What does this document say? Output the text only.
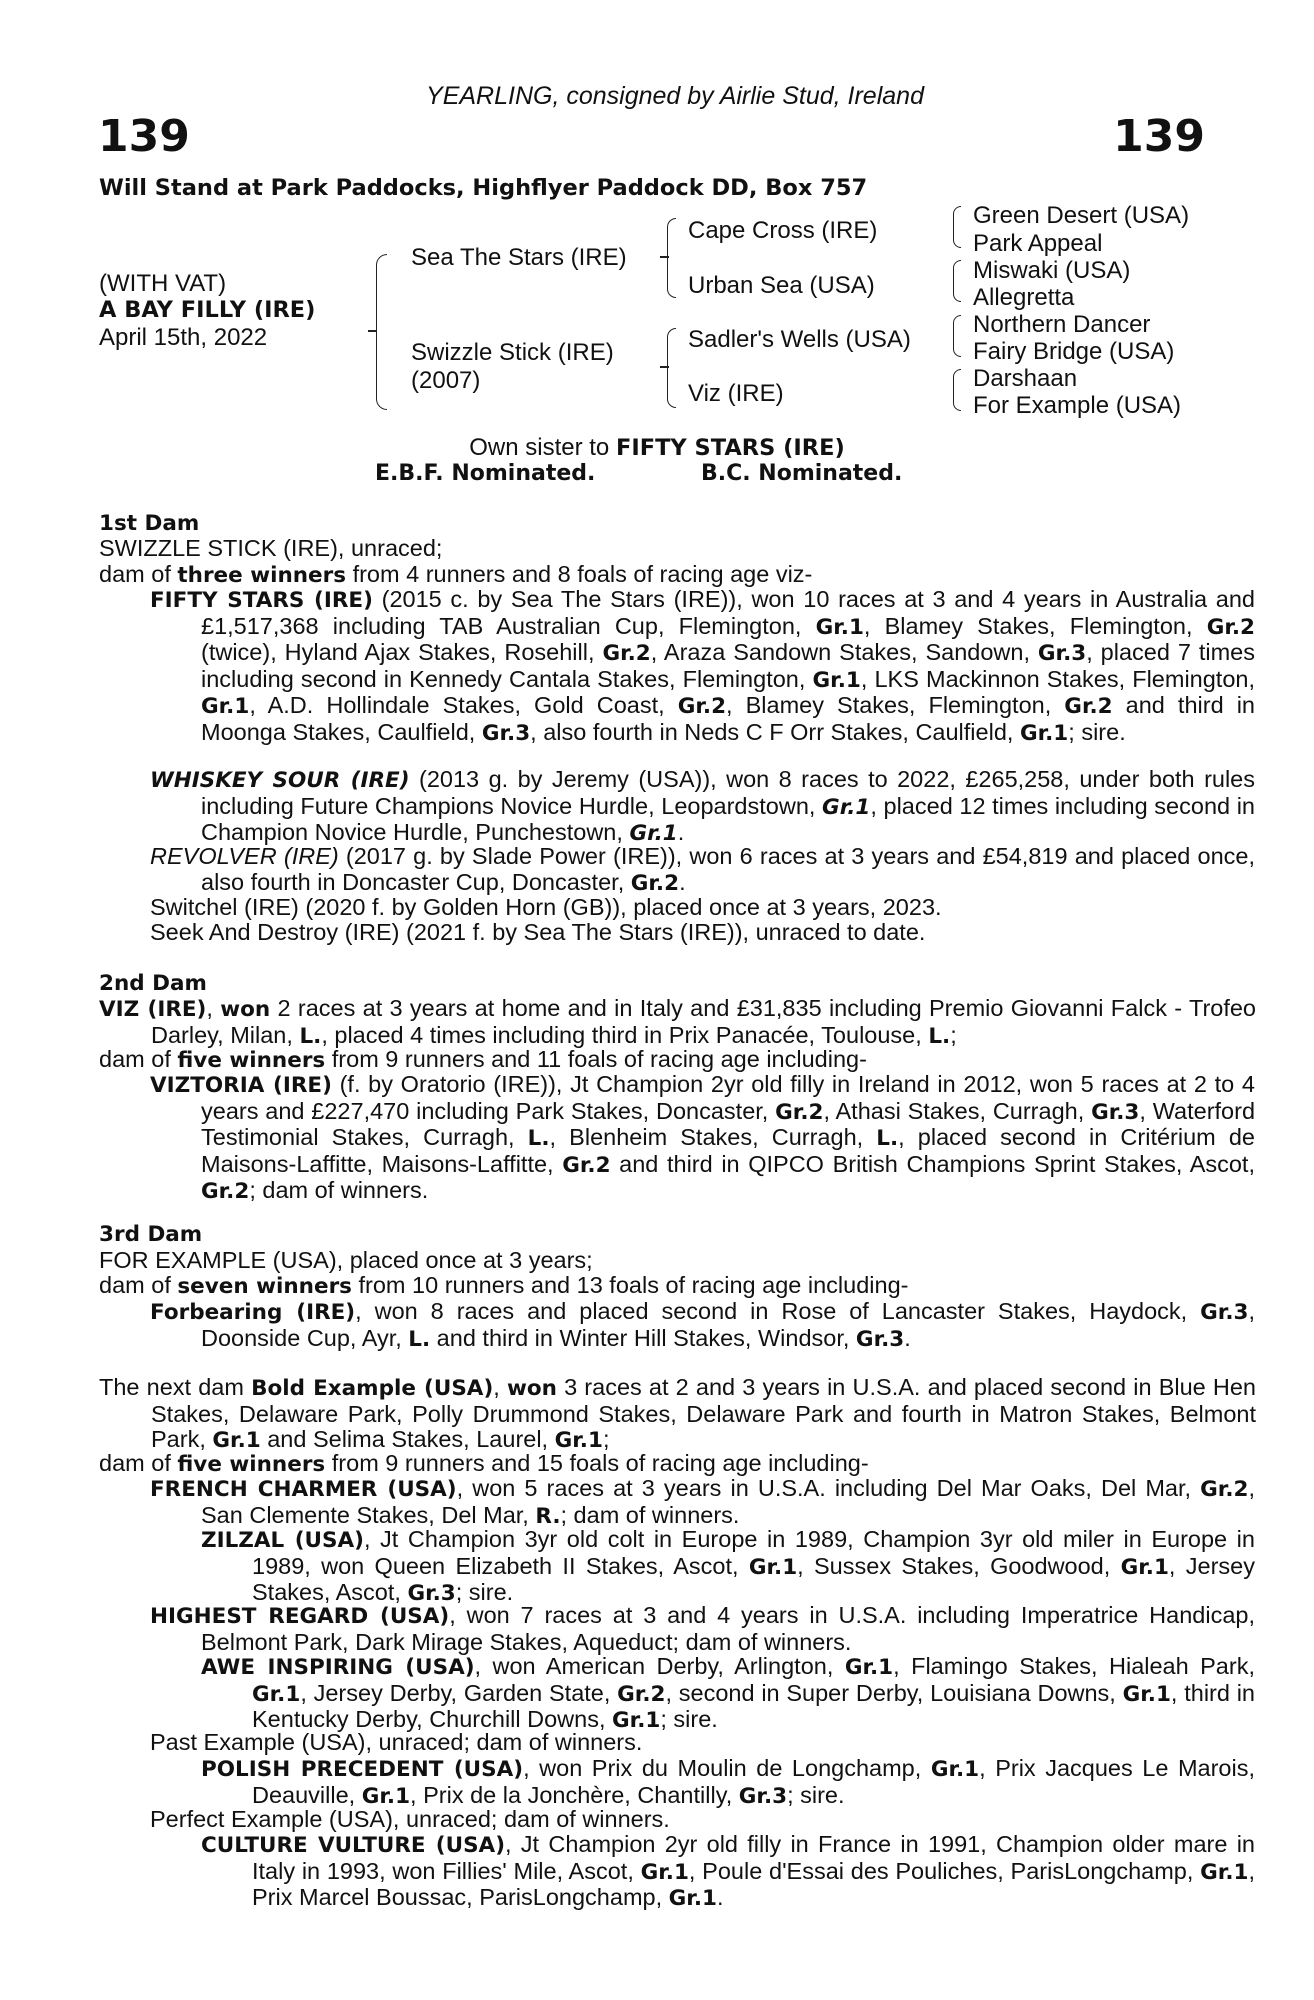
YEARLING, consigned by Airlie Stud, Ireland
139	139
Will Stand at Park Paddocks, Highflyer Paddock DD, Box 757
(WITH VAT)
A BAY FILLY (IRE)
April 15th, 2022
Sea The Stars (IRE)
Swizzle Stick (IRE)
(2007)
Cape Cross (IRE)
Urban Sea (USA)
Sadler's Wells (USA)
Viz (IRE)
Green Desert (USA)
Park Appeal
Miswaki (USA)
Allegretta
Northern Dancer
Fairy Bridge (USA)
Darshaan
For Example (USA)
Own sister to FIFTY STARS (IRE)
E.B.F. Nominated.	B.C. Nominated.
1st Dam
SWIZZLE STICK (IRE), unraced;
dam of three winners from 4 runners and 8 foals of racing age viz-
FIFTY STARS (IRE) (2015 c. by Sea The Stars (IRE)), won 10 races at 3 and 4 years in Australia and £1,517,368 including TAB Australian Cup, Flemington, Gr.1, Blamey Stakes, Flemington, Gr.2 (twice), Hyland Ajax Stakes, Rosehill, Gr.2, Araza Sandown Stakes, Sandown, Gr.3, placed 7 times including second in Kennedy Cantala Stakes, Flemington, Gr.1, LKS Mackinnon Stakes, Flemington, Gr.1, A.D. Hollindale Stakes, Gold Coast, Gr.2, Blamey Stakes, Flemington, Gr.2 and third in Moonga Stakes, Caulfield, Gr.3, also fourth in Neds C F Orr Stakes, Caulfield, Gr.1; sire.
WHISKEY SOUR (IRE) (2013 g. by Jeremy (USA)), won 8 races to 2022, £265,258, under both rules including Future Champions Novice Hurdle, Leopardstown, Gr.1, placed 12 times including second in Champion Novice Hurdle, Punchestown, Gr.1.
REVOLVER (IRE) (2017 g. by Slade Power (IRE)), won 6 races at 3 years and £54,819 and placed once, also fourth in Doncaster Cup, Doncaster, Gr.2.
Switchel (IRE) (2020 f. by Golden Horn (GB)), placed once at 3 years, 2023.
Seek And Destroy (IRE) (2021 f. by Sea The Stars (IRE)), unraced to date.
2nd Dam
VIZ (IRE), won 2 races at 3 years at home and in Italy and £31,835 including Premio Giovanni Falck - Trofeo Darley, Milan, L., placed 4 times including third in Prix Panacée, Toulouse, L.;
dam of five winners from 9 runners and 11 foals of racing age including-
VIZTORIA (IRE) (f. by Oratorio (IRE)), Jt Champion 2yr old filly in Ireland in 2012, won 5 races at 2 to 4 years and £227,470 including Park Stakes, Doncaster, Gr.2, Athasi Stakes, Curragh, Gr.3, Waterford Testimonial Stakes, Curragh, L., Blenheim Stakes, Curragh, L., placed second in Critérium de Maisons-Laffitte, Maisons-Laffitte, Gr.2 and third in QIPCO British Champions Sprint Stakes, Ascot, Gr.2; dam of winners.
3rd Dam
FOR EXAMPLE (USA), placed once at 3 years;
dam of seven winners from 10 runners and 13 foals of racing age including-
Forbearing (IRE), won 8 races and placed second in Rose of Lancaster Stakes, Haydock, Gr.3, Doonside Cup, Ayr, L. and third in Winter Hill Stakes, Windsor, Gr.3.
The next dam Bold Example (USA), won 3 races at 2 and 3 years in U.S.A. and placed second in Blue Hen Stakes, Delaware Park, Polly Drummond Stakes, Delaware Park and fourth in Matron Stakes, Belmont Park, Gr.1 and Selima Stakes, Laurel, Gr.1;
dam of five winners from 9 runners and 15 foals of racing age including-
FRENCH CHARMER (USA), won 5 races at 3 years in U.S.A. including Del Mar Oaks, Del Mar, Gr.2, San Clemente Stakes, Del Mar, R.; dam of winners.
ZILZAL (USA), Jt Champion 3yr old colt in Europe in 1989, Champion 3yr old miler in Europe in 1989, won Queen Elizabeth II Stakes, Ascot, Gr.1, Sussex Stakes, Goodwood, Gr.1, Jersey Stakes, Ascot, Gr.3; sire.
HIGHEST REGARD (USA), won 7 races at 3 and 4 years in U.S.A. including Imperatrice Handicap, Belmont Park, Dark Mirage Stakes, Aqueduct; dam of winners.
AWE INSPIRING (USA), won American Derby, Arlington, Gr.1, Flamingo Stakes, Hialeah Park, Gr.1, Jersey Derby, Garden State, Gr.2, second in Super Derby, Louisiana Downs, Gr.1, third in Kentucky Derby, Churchill Downs, Gr.1; sire.
Past Example (USA), unraced; dam of winners.
POLISH PRECEDENT (USA), won Prix du Moulin de Longchamp, Gr.1, Prix Jacques Le Marois, Deauville, Gr.1, Prix de la Jonchère, Chantilly, Gr.3; sire.
Perfect Example (USA), unraced; dam of winners.
CULTURE VULTURE (USA), Jt Champion 2yr old filly in France in 1991, Champion older mare in Italy in 1993, won Fillies' Mile, Ascot, Gr.1, Poule d'Essai des Pouliches, ParisLongchamp, Gr.1, Prix Marcel Boussac, ParisLongchamp, Gr.1.
